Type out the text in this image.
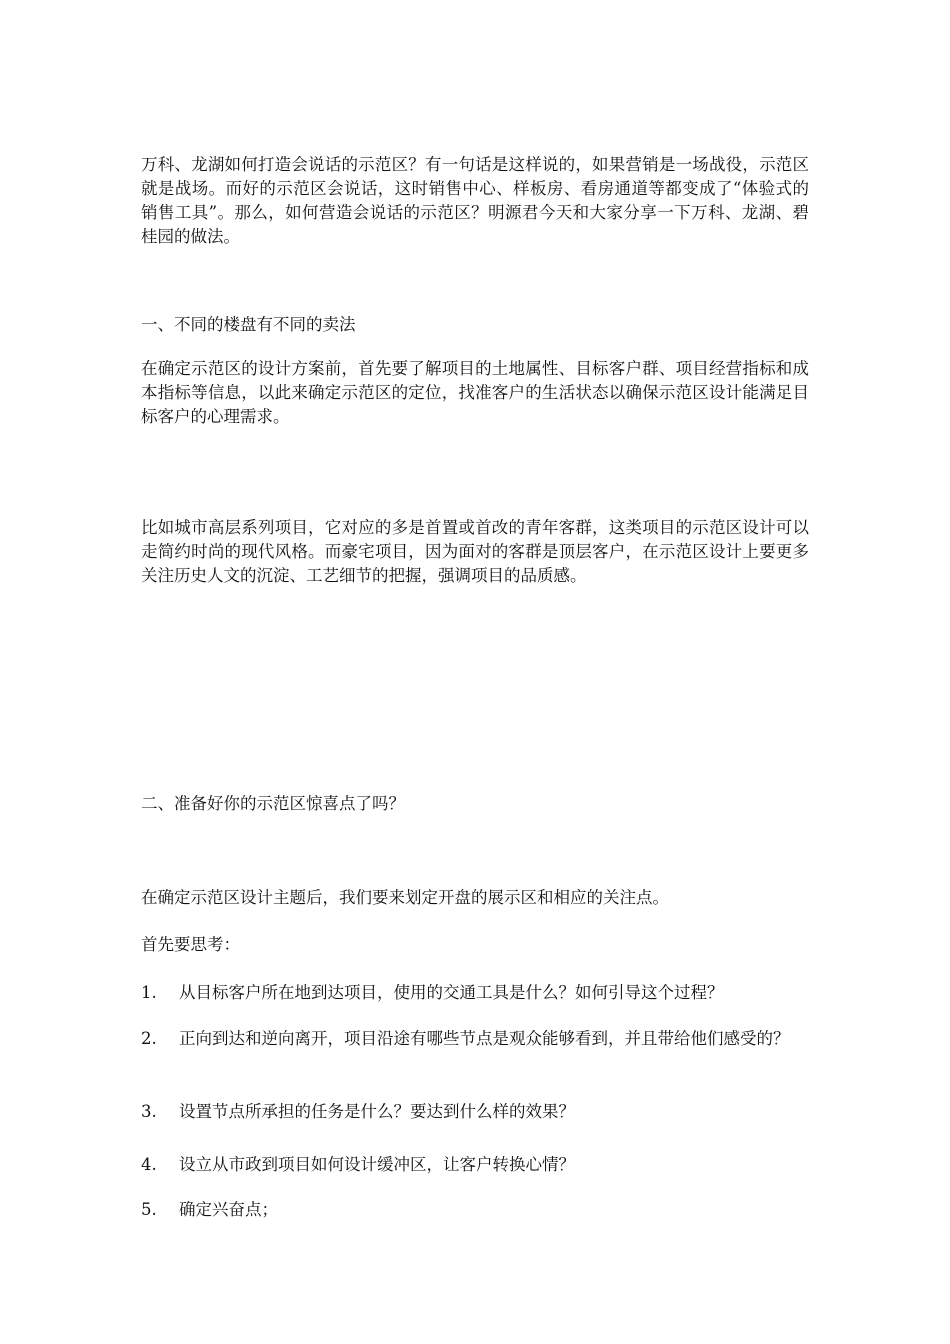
万科、龙湖如何打造会说话的示范区？有一句话是这样说的，如果营销是一场战役，示范区就是战场。而好的示范区会说话，这时销售中心、样板房、看房通道等都变成了“体验式的销售工具”。那么，如何营造会说话的示范区？明源君今天和大家分享一下万科、龙湖、碧桂园的做法。

一、不同的楼盘有不同的卖法

在确定示范区的设计方案前，首先要了解项目的土地属性、目标客户群、项目经营指标和成本指标等信息，以此来确定示范区的定位，找准客户的生活状态以确保示范区设计能满足目标客户的心理需求。

比如城市高层系列项目，它对应的多是首置或首改的青年客群，这类项目的示范区设计可以走简约时尚的现代风格。而豪宅项目，因为面对的客群是顶层客户，在示范区设计上要更多关注历史人文的沉淀、工艺细节的把握，强调项目的品质感。

二、准备好你的示范区惊喜点了吗？

在确定示范区设计主题后，我们要来划定开盘的展示区和相应的关注点。

首先要思考：

1. 从目标客户所在地到达项目，使用的交通工具是什么？如何引导这个过程？

2. 正向到达和逆向离开，项目沿途有哪些节点是观众能够看到，并且带给他们感受的？

3. 设置节点所承担的任务是什么？要达到什么样的效果？

4. 设立从市政到项目如何设计缓冲区，让客户转换心情？

5. 确定兴奋点；
